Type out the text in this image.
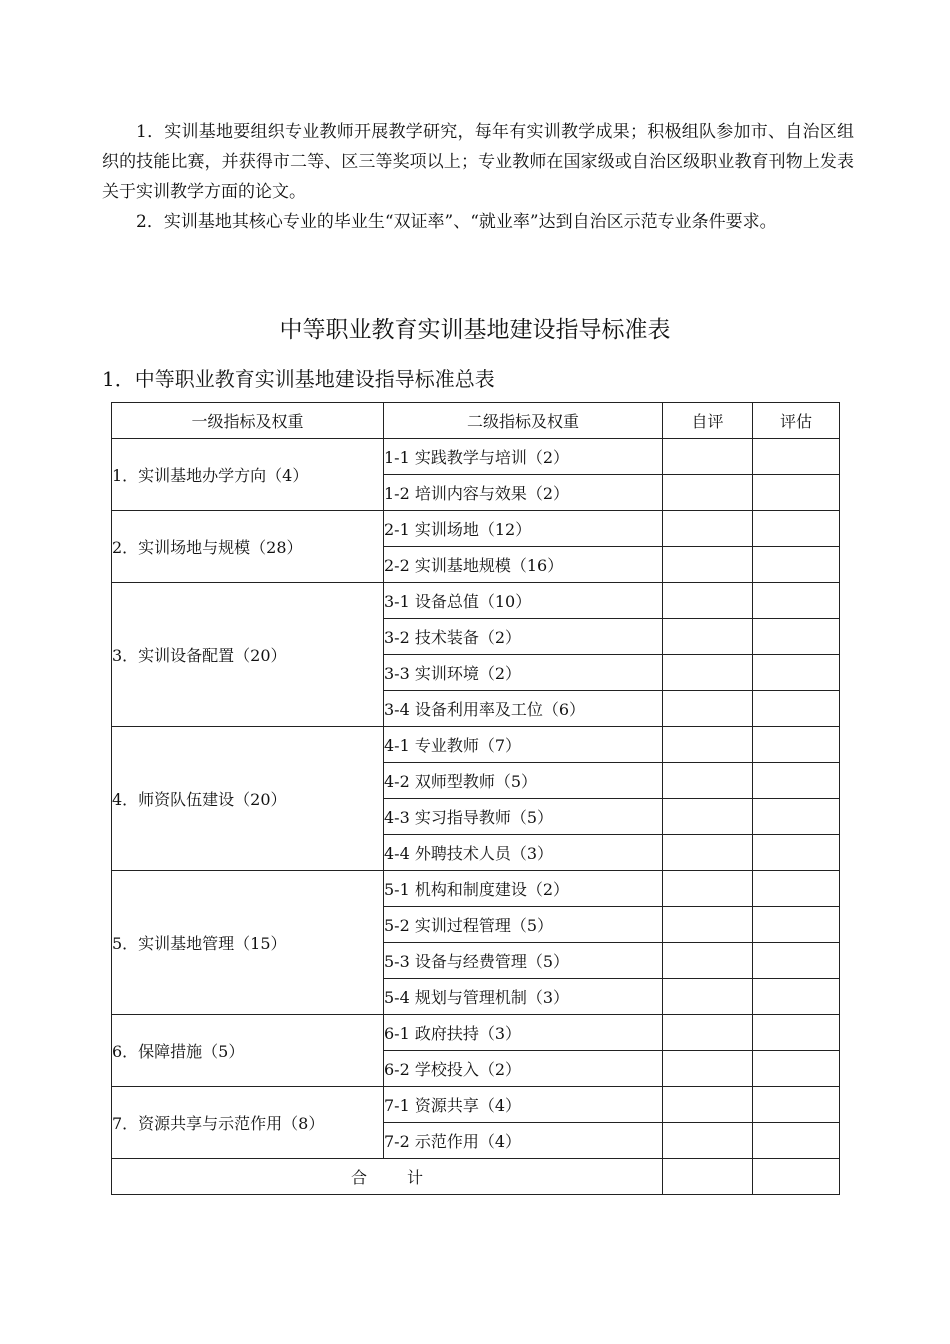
1．实训基地要组织专业教师开展教学研究，每年有实训教学成果；积极组队参加市、自治区组织的技能比赛，并获得市二等、区三等奖项以上；专业教师在国家级或自治区级职业教育刊物上发表关于实训教学方面的论文。

2．实训基地其核心专业的毕业生“双证率”、“就业率”达到自治区示范专业条件要求。

中等职业教育实训基地建设指导标准表
1．中等职业教育实训基地建设指导标准总表
一级指标及权重	二级指标及权重	自评	评估
1．实训基地办学方向（4）	1-1 实践教学与培训（2）		
	1-2 培训内容与效果（2）		
2．实训场地与规模（28）	2-1 实训场地（12）		
	2-2 实训基地规模（16）		
3．实训设备配置（20）	3-1 设备总值（10）		
	3-2 技术装备（2）		
	3-3 实训环境（2）		
	3-4 设备利用率及工位（6）		
4．师资队伍建设（20）	4-1 专业教师（7）		
	4-2 双师型教师（5）		
	4-3 实习指导教师（5）		
	4-4 外聘技术人员（3）		
5．实训基地管理（15）	5-1 机构和制度建设（2）		
	5-2 实训过程管理（5）		
	5-3 设备与经费管理（5）		
	5-4 规划与管理机制（3）		
6．保障措施（5）	6-1 政府扶持（3）		
	6-2 学校投入（2）		
7．资源共享与示范作用（8）	7-1 资源共享（4）		
	7-2 示范作用（4）		
合 计			
